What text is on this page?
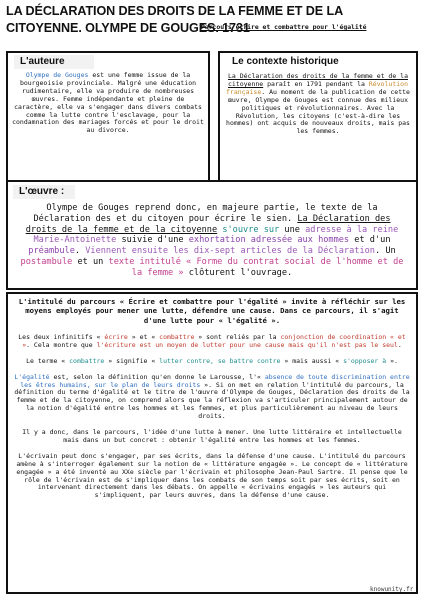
LA DÉCLARATION DES DROITS DE LA FEMME ET DE LA CITOYENNE. OLYMPE DE GOUGES. 1731
Parcours écrire et combattre pour l'égalité
L'auteure
Olympe de Gouges est une femme issue de la bourgeoisie provinciale. Malgré une éducation rudimentaire, elle va produire de nombreuses œuvres. Femme indépendante et pleine de caractère, elle va s'engager dans divers combats comme la lutte contre l'esclavage, pour la condamnation des mariages forcés et pour le droit au divorce.
Le contexte historique
La Déclaration des droits de la femme et de la citoyenne paraît en 1791 pendant la Révolution française. Au moment de la publication de cette œuvre, Olympe de Gouges est connue des milieux politiques et révolutionnaires. Avec la Révolution, les citoyens (c'est-à-dire les hommes) ont acquis de nouveaux droits, mais pas les femmes.
L'œuvre :
Olympe de Gouges reprend donc, en majeure partie, le texte de la Déclaration des et du citoyen pour écrire le sien. La Déclaration des droits de la femme et de la citoyenne s'ouvre sur une adresse à la reine Marie-Antoinette suivie d'une exhortation adressée aux hommes et d'un préambule. Viennent ensuite les dix-sept articles de la Déclaration. Un postambule et un texte intitulé « Forme du contrat social de l'homme et de la femme » clôturent l'ouvrage.
L'intitulé du parcours « Écrire et combattre pour l'égalité » invite à réfléchir sur les moyens employés pour mener une lutte, défendre une cause. Dans ce parcours, il s'agit d'une lutte pour « l'égalité ».

Les deux infinitifs « écrire » et « combattre » sont reliés par la conjonction de coordination « et ». Cela montre que l'écriture est un moyen de lutter pour une cause mais qu'il n'est pas le seul.

Le terme « combattre » signifie « lutter contre, se battre contre » mais aussi « s'opposer à ».

L'égalité est, selon la définition qu'en donne le Larousse, l'« absence de toute discrimination entre les êtres humains, sur le plan de leurs droits ». Si on met en relation l'intitulé du parcours, la définition du terme d'égalité et le titre de l'œuvre d'Olympe de Gouges, Déclaration des droits de la femme et de la citoyenne, on comprend alors que la réflexion va s'articuler principalement autour de la notion d'égalité entre les hommes et les femmes, et plus particulièrement au niveau de leurs droits.

Il y a donc, dans le parcours, l'idée d'une lutte à mener. Une lutte littéraire et intellectuelle mais dans un but concret : obtenir l'égalité entre les hommes et les femmes.

L'écrivain peut donc s'engager, par ses écrits, dans la défense d'une cause. L'intitulé du parcours amène à s'interroger également sur la notion de « littérature engagée ». Le concept de « littérature engagée » a été inventé au XXe siècle par l'écrivain et philosophe Jean-Paul Sartre. Il pense que le rôle de l'écrivain est de s'impliquer dans les combats de son temps soit par ses écrits, soit en intervenant directement dans les débats. On appelle « écrivains engagés » les auteurs qui s'impliquent, par leurs œuvres, dans la défense d'une cause.

knowunity.fr
